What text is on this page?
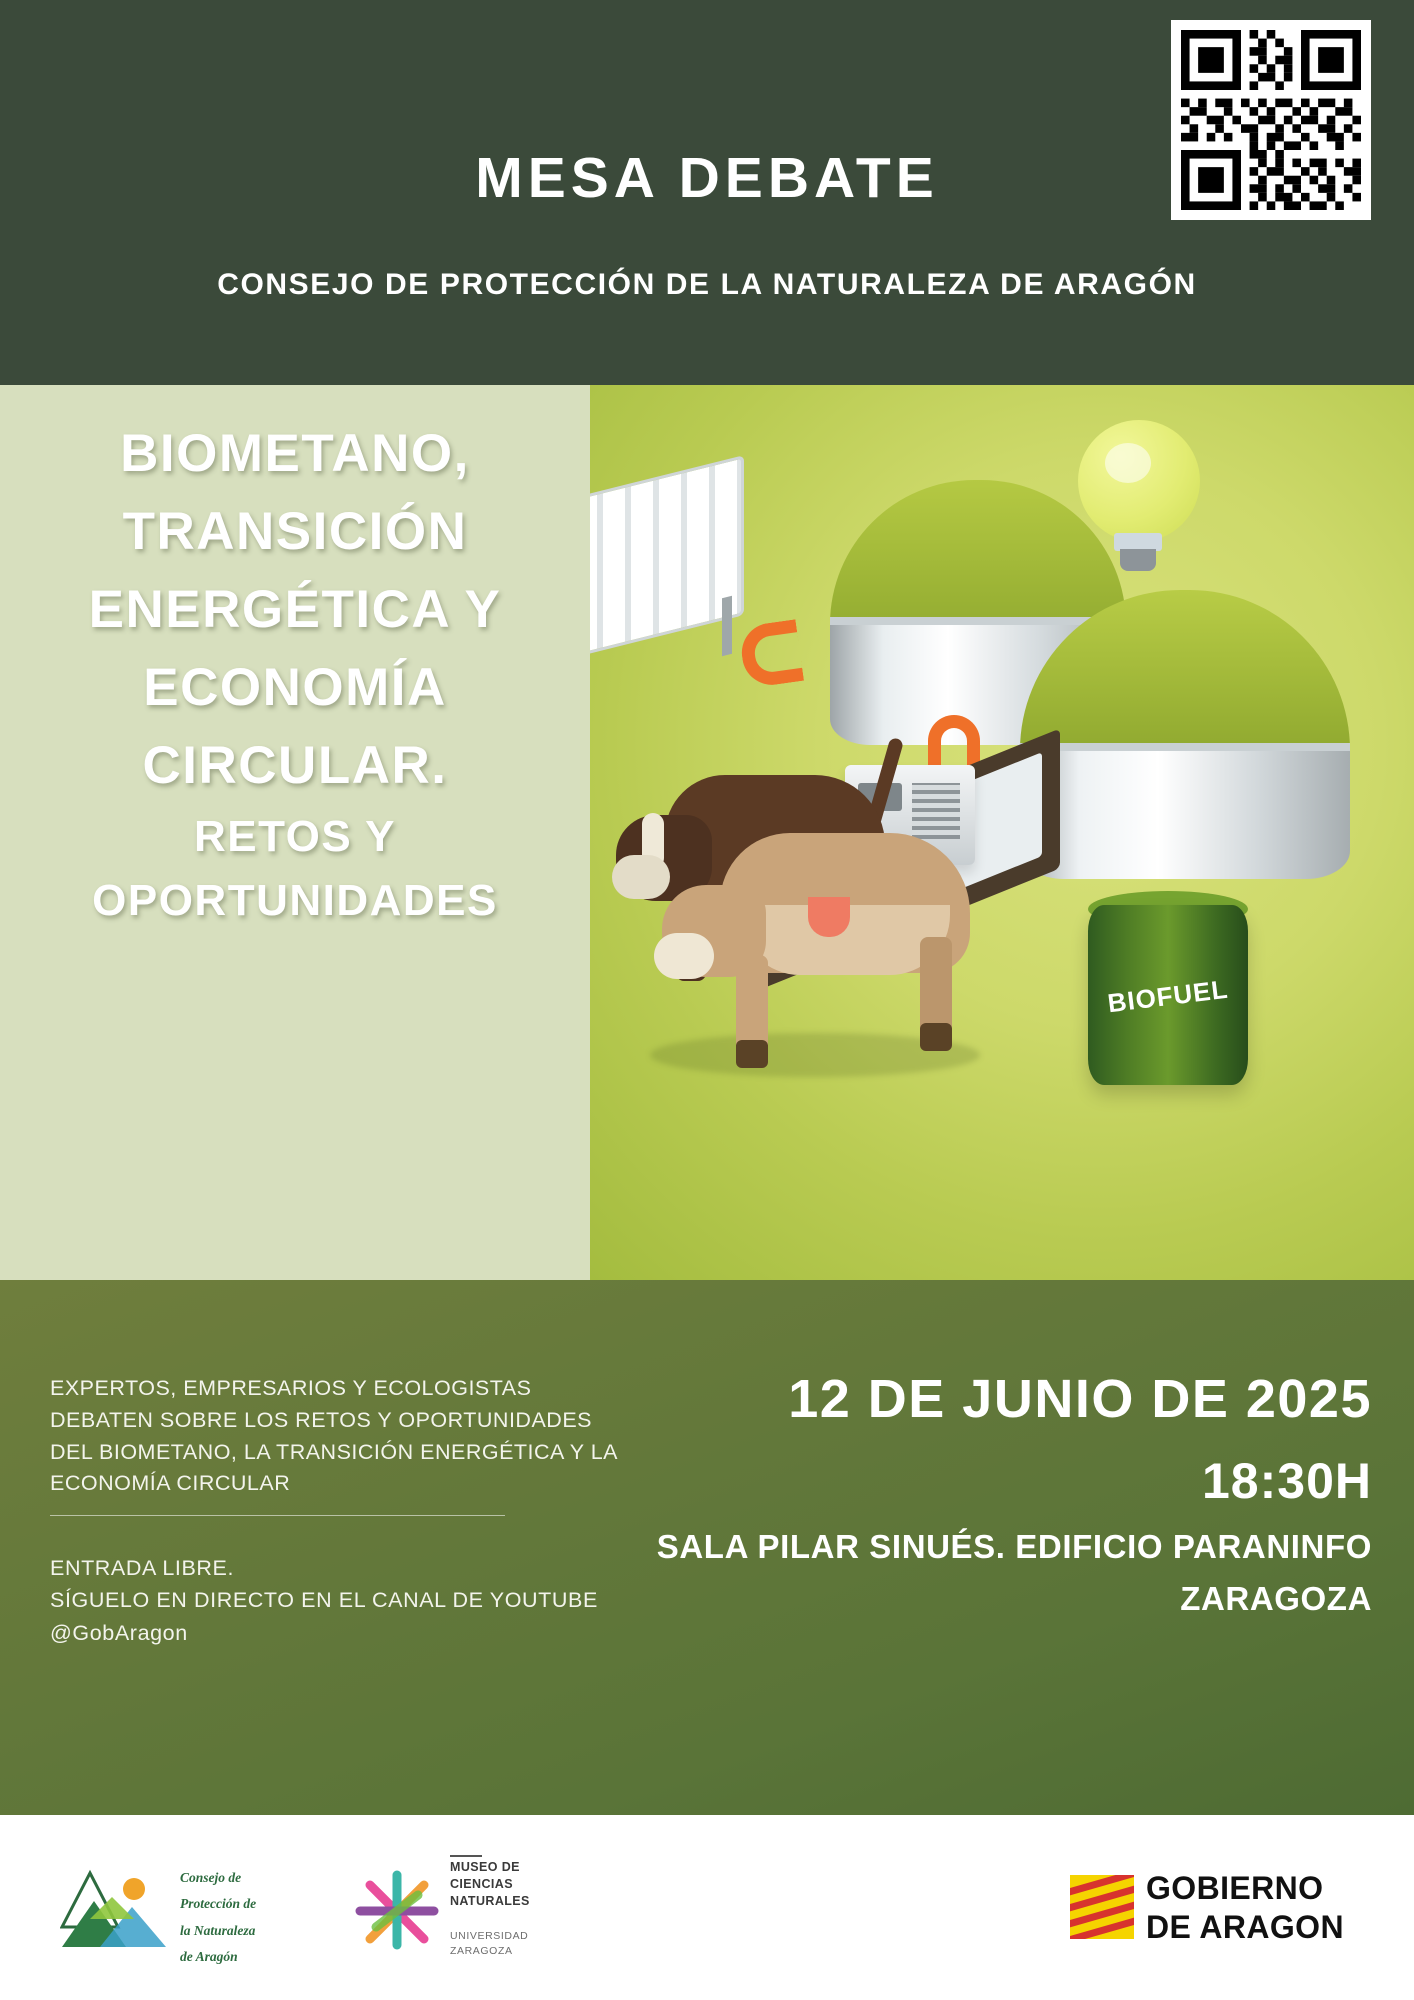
MESA DEBATE
CONSEJO DE PROTECCIÓN DE LA NATURALEZA DE ARAGÓN
BIOMETANO,
TRANSICIÓN
ENERGÉTICA Y
ECONOMÍA
CIRCULAR.
RETOS Y
OPORTUNIDADES
BIOFUEL
EXPERTOS, EMPRESARIOS Y ECOLOGISTAS DEBATEN SOBRE LOS RETOS Y OPORTUNIDADES DEL BIOMETANO, LA TRANSICIÓN ENERGÉTICA Y LA ECONOMÍA CIRCULAR
ENTRADA LIBRE.
SÍGUELO EN DIRECTO EN EL CANAL DE YOUTUBE
@GobAragon
12 DE JUNIO DE 2025
18:30H
SALA PILAR SINUÉS. EDIFICIO PARANINFO
ZARAGOZA
Consejo de
Protección de
la Naturaleza
de Aragón
MUSEO DE
CIENCIAS
NATURALES
UNIVERSIDAD
ZARAGOZA
GOBIERNO
DE ARAGON
